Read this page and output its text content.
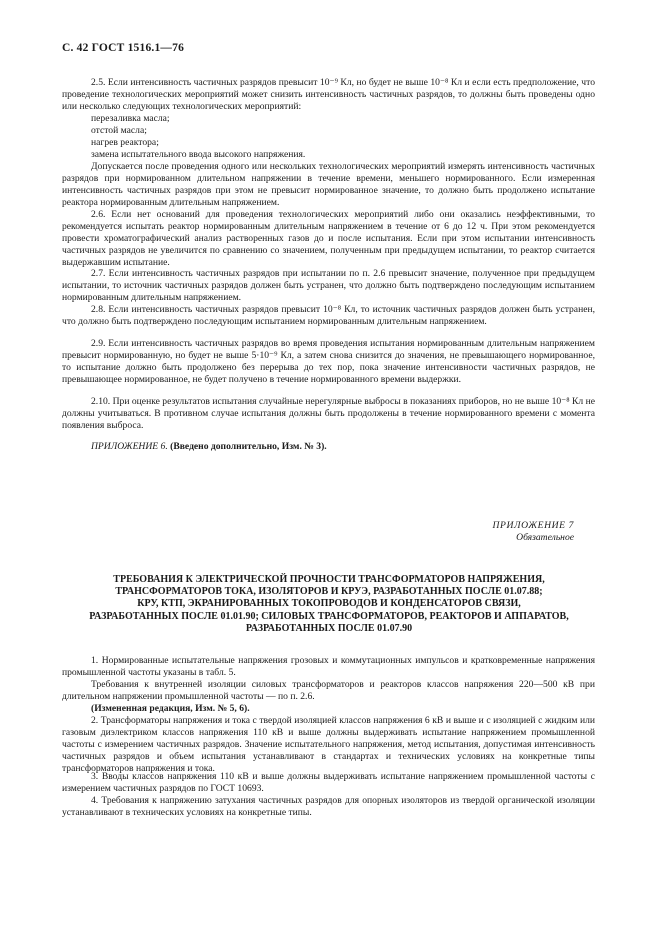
С. 42 ГОСТ 1516.1—76

2.5. Если интенсивность частичных разрядов превысит 10⁻⁹ Кл, но будет не выше 10⁻⁸ Кл и если есть предположение, что проведение технологических мероприятий может снизить интенсивность частичных разрядов, то должны быть проведены одно или несколько следующих технологических мероприятий:

перезаливка масла;
отстой масла;
нагрев реактора;
замена испытательного ввода высокого напряжения.

Допускается после проведения одного или нескольких технологических мероприятий измерять интенсивность частичных разрядов при нормированном длительном напряжении в течение времени, меньшего нормированного. Если измеренная интенсивность частичных разрядов при этом не превысит нормированное значение, то должно быть продолжено испытание реактора нормированным длительным напряжением.

2.6. Если нет оснований для проведения технологических мероприятий либо они оказались неэффективными, то рекомендуется испытать реактор нормированным длительным напряжением в течение от 6 до 12 ч. При этом рекомендуется провести хроматографический анализ растворенных газов до и после испытания. Если при этом испытании интенсивность частичных разрядов не увеличится по сравнению со значением, полученным при предыдущем испытании, то реактор считается выдержавшим испытание.

2.7. Если интенсивность частичных разрядов при испытании по п. 2.6 превысит значение, полученное при предыдущем испытании, то источник частичных разрядов должен быть устранен, что должно быть подтверждено последующим испытанием нормированным длительным напряжением.

2.8. Если интенсивность частичных разрядов превысит 10⁻⁸ Кл, то источник частичных разрядов должен быть устранен, что должно быть подтверждено последующим испытанием нормированным длительным напряжением.

2.9. Если интенсивность частичных разрядов во время проведения испытания нормированным длительным напряжением превысит нормированную, но будет не выше 5·10⁻⁹ Кл, а затем снова снизится до значения, не превышающего нормированное, то испытание должно быть продолжено без перерыва до тех пор, пока значение интенсивности частичных разрядов, не превышающее нормированное, не будет получено в течение нормированного времени выдержки.

2.10. При оценке результатов испытания случайные нерегулярные выбросы в показаниях приборов, но не выше 10⁻⁸ Кл не должны учитываться. В противном случае испытания должны быть продолжены в течение нормированного времени с момента появления выброса.

ПРИЛОЖЕНИЕ 6. (Введено дополнительно, Изм. № 3).
ПРИЛОЖЕНИЕ 7
Обязательное
ТРЕБОВАНИЯ К ЭЛЕКТРИЧЕСКОЙ ПРОЧНОСТИ ТРАНСФОРМАТОРОВ НАПРЯЖЕНИЯ,
ТРАНСФОРМАТОРОВ ТОКА, ИЗОЛЯТОРОВ И КРУЭ, РАЗРАБОТАННЫХ ПОСЛЕ 01.07.88;
КРУ, КТП, ЭКРАНИРОВАННЫХ ТОКОПРОВОДОВ И КОНДЕНСАТОРОВ СВЯЗИ,
РАЗРАБОТАННЫХ ПОСЛЕ 01.01.90; СИЛОВЫХ ТРАНСФОРМАТОРОВ, РЕАКТОРОВ И АППАРАТОВ,
РАЗРАБОТАННЫХ ПОСЛЕ 01.07.90

1. Нормированные испытательные напряжения грозовых и коммутационных импульсов и кратковременные напряжения промышленной частоты указаны в табл. 5.

Требования к внутренней изоляции силовых трансформаторов и реакторов классов напряжения 220—500 кВ при длительном напряжении промышленной частоты — по п. 2.6.

(Измененная редакция, Изм. № 5, 6).

2. Трансформаторы напряжения и тока с твердой изоляцией классов напряжения 6 кВ и выше и с изоляцией с жидким или газовым диэлектриком классов напряжения 110 кВ и выше должны выдерживать испытание напряжением промышленной частоты с измерением частичных разрядов. Значение испытательного напряжения, метод испытания, допустимая интенсивность частичных разрядов и объем испытания устанавливают в стандартах и технических условиях на конкретные типы трансформаторов напряжения и тока.

3. Вводы классов напряжения 110 кВ и выше должны выдерживать испытание напряжением промышленной частоты с измерением частичных разрядов по ГОСТ 10693.

4. Требования к напряжению затухания частичных разрядов для опорных изоляторов из твердой органической изоляции устанавливают в технических условиях на конкретные типы.
